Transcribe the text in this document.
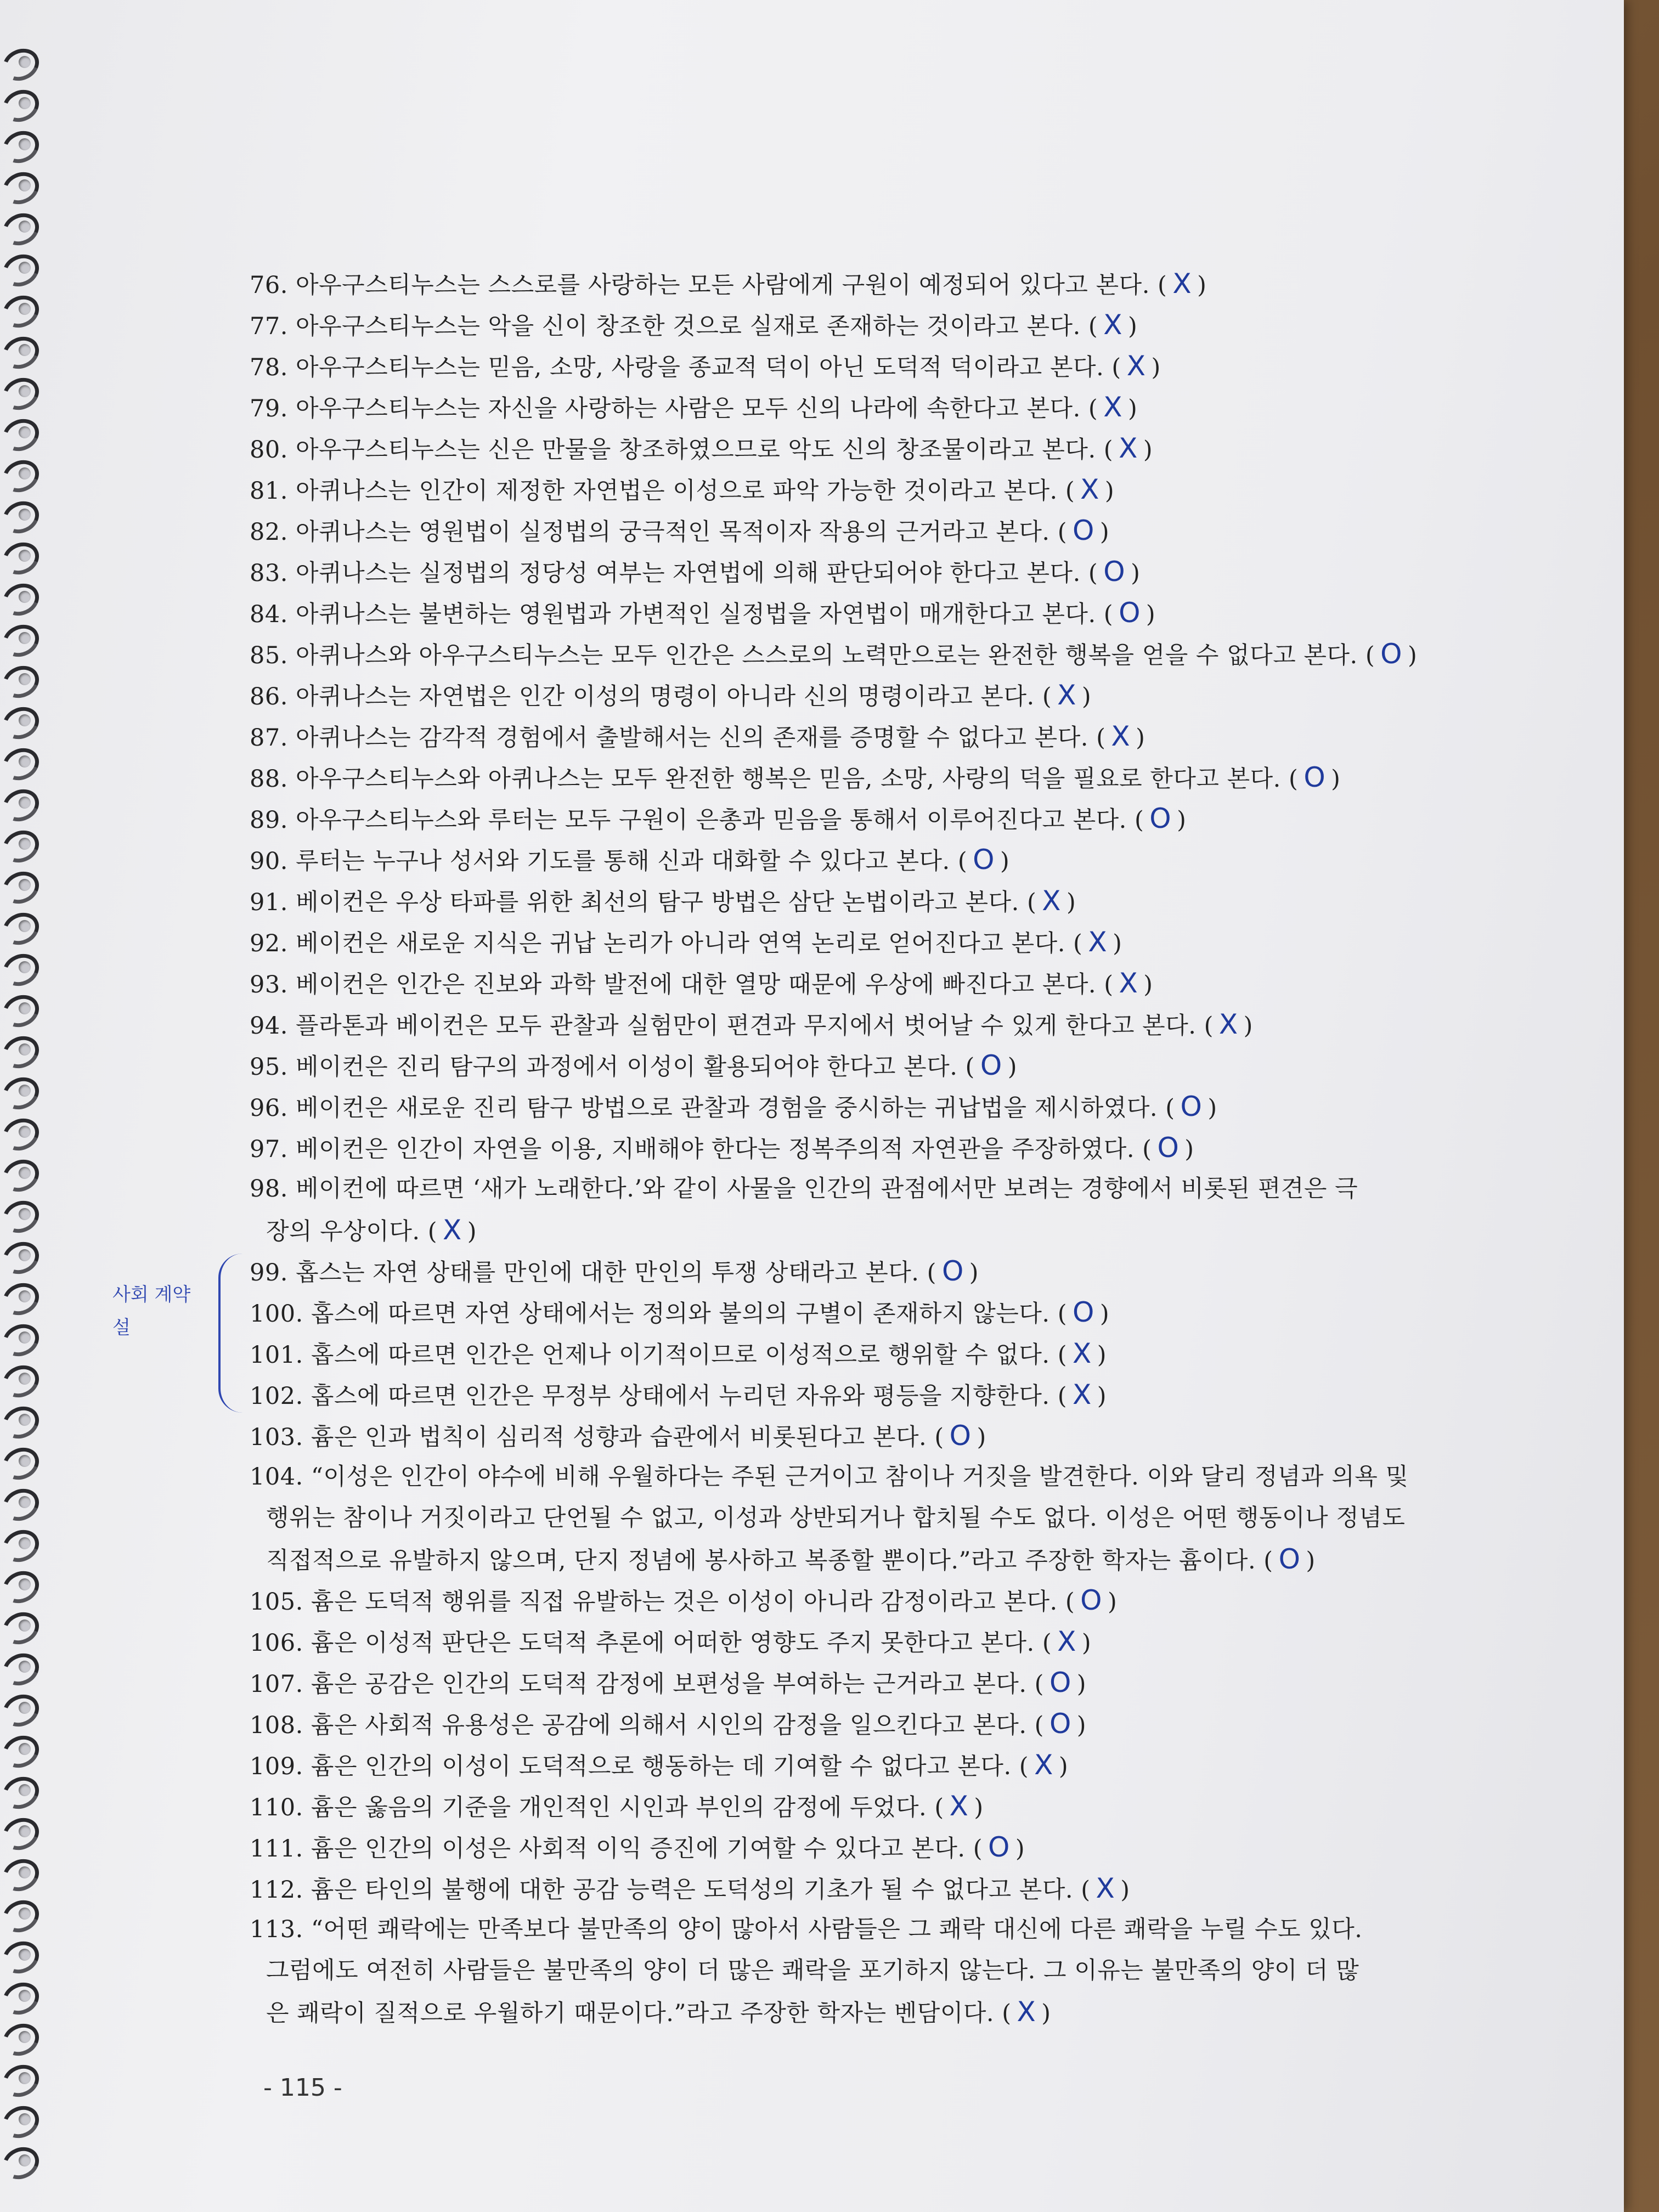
76. 아우구스티누스는 스스로를 사랑하는 모든 사람에게 구원이 예정되어 있다고 본다. ( X )
77. 아우구스티누스는 악을 신이 창조한 것으로 실재로 존재하는 것이라고 본다. ( X )
78. 아우구스티누스는 믿음, 소망, 사랑을 종교적 덕이 아닌 도덕적 덕이라고 본다. ( X )
79. 아우구스티누스는 자신을 사랑하는 사람은 모두 신의 나라에 속한다고 본다. ( X )
80. 아우구스티누스는 신은 만물을 창조하였으므로 악도 신의 창조물이라고 본다. ( X )
81. 아퀴나스는 인간이 제정한 자연법은 이성으로 파악 가능한 것이라고 본다. ( X )
82. 아퀴나스는 영원법이 실정법의 궁극적인 목적이자 작용의 근거라고 본다. ( O )
83. 아퀴나스는 실정법의 정당성 여부는 자연법에 의해 판단되어야 한다고 본다. ( O )
84. 아퀴나스는 불변하는 영원법과 가변적인 실정법을 자연법이 매개한다고 본다. ( O )
85. 아퀴나스와 아우구스티누스는 모두 인간은 스스로의 노력만으로는 완전한 행복을 얻을 수 없다고 본다. ( O )
86. 아퀴나스는 자연법은 인간 이성의 명령이 아니라 신의 명령이라고 본다. ( X )
87. 아퀴나스는 감각적 경험에서 출발해서는 신의 존재를 증명할 수 없다고 본다. ( X )
88. 아우구스티누스와 아퀴나스는 모두 완전한 행복은 믿음, 소망, 사랑의 덕을 필요로 한다고 본다. ( O )
89. 아우구스티누스와 루터는 모두 구원이 은총과 믿음을 통해서 이루어진다고 본다. ( O )
90. 루터는 누구나 성서와 기도를 통해 신과 대화할 수 있다고 본다. ( O )
91. 베이컨은 우상 타파를 위한 최선의 탐구 방법은 삼단 논법이라고 본다. ( X )
92. 베이컨은 새로운 지식은 귀납 논리가 아니라 연역 논리로 얻어진다고 본다. ( X )
93. 베이컨은 인간은 진보와 과학 발전에 대한 열망 때문에 우상에 빠진다고 본다. ( X )
94. 플라톤과 베이컨은 모두 관찰과 실험만이 편견과 무지에서 벗어날 수 있게 한다고 본다. ( X )
95. 베이컨은 진리 탐구의 과정에서 이성이 활용되어야 한다고 본다. ( O )
96. 베이컨은 새로운 진리 탐구 방법으로 관찰과 경험을 중시하는 귀납법을 제시하였다. ( O )
97. 베이컨은 인간이 자연을 이용, 지배해야 한다는 정복주의적 자연관을 주장하였다. ( O )
98. 베이컨에 따르면 ‘새가 노래한다.’와 같이 사물을 인간의 관점에서만 보려는 경향에서 비롯된 편견은 극
장의 우상이다. ( X )
99. 홉스는 자연 상태를 만인에 대한 만인의 투쟁 상태라고 본다. ( O )
100. 홉스에 따르면 자연 상태에서는 정의와 불의의 구별이 존재하지 않는다. ( O )
101. 홉스에 따르면 인간은 언제나 이기적이므로 이성적으로 행위할 수 없다. ( X )
102. 홉스에 따르면 인간은 무정부 상태에서 누리던 자유와 평등을 지향한다. ( X )
103. 흄은 인과 법칙이 심리적 성향과 습관에서 비롯된다고 본다. ( O )
104. “이성은 인간이 야수에 비해 우월하다는 주된 근거이고 참이나 거짓을 발견한다. 이와 달리 정념과 의욕 및
행위는 참이나 거짓이라고 단언될 수 없고, 이성과 상반되거나 합치될 수도 없다. 이성은 어떤 행동이나 정념도
직접적으로 유발하지 않으며, 단지 정념에 봉사하고 복종할 뿐이다.”라고 주장한 학자는 흄이다. ( O )
105. 흄은 도덕적 행위를 직접 유발하는 것은 이성이 아니라 감정이라고 본다. ( O )
106. 흄은 이성적 판단은 도덕적 추론에 어떠한 영향도 주지 못한다고 본다. ( X )
107. 흄은 공감은 인간의 도덕적 감정에 보편성을 부여하는 근거라고 본다. ( O )
108. 흄은 사회적 유용성은 공감에 의해서 시인의 감정을 일으킨다고 본다. ( O )
109. 흄은 인간의 이성이 도덕적으로 행동하는 데 기여할 수 없다고 본다. ( X )
110. 흄은 옳음의 기준을 개인적인 시인과 부인의 감정에 두었다. ( X )
111. 흄은 인간의 이성은 사회적 이익 증진에 기여할 수 있다고 본다. ( O )
112. 흄은 타인의 불행에 대한 공감 능력은 도덕성의 기초가 될 수 없다고 본다. ( X )
113. “어떤 쾌락에는 만족보다 불만족의 양이 많아서 사람들은 그 쾌락 대신에 다른 쾌락을 누릴 수도 있다.
그럼에도 여전히 사람들은 불만족의 양이 더 많은 쾌락을 포기하지 않는다. 그 이유는 불만족의 양이 더 많
은 쾌락이 질적으로 우월하기 때문이다.”라고 주장한 학자는 벤담이다. ( X )
사회 계약설
- 115 -
